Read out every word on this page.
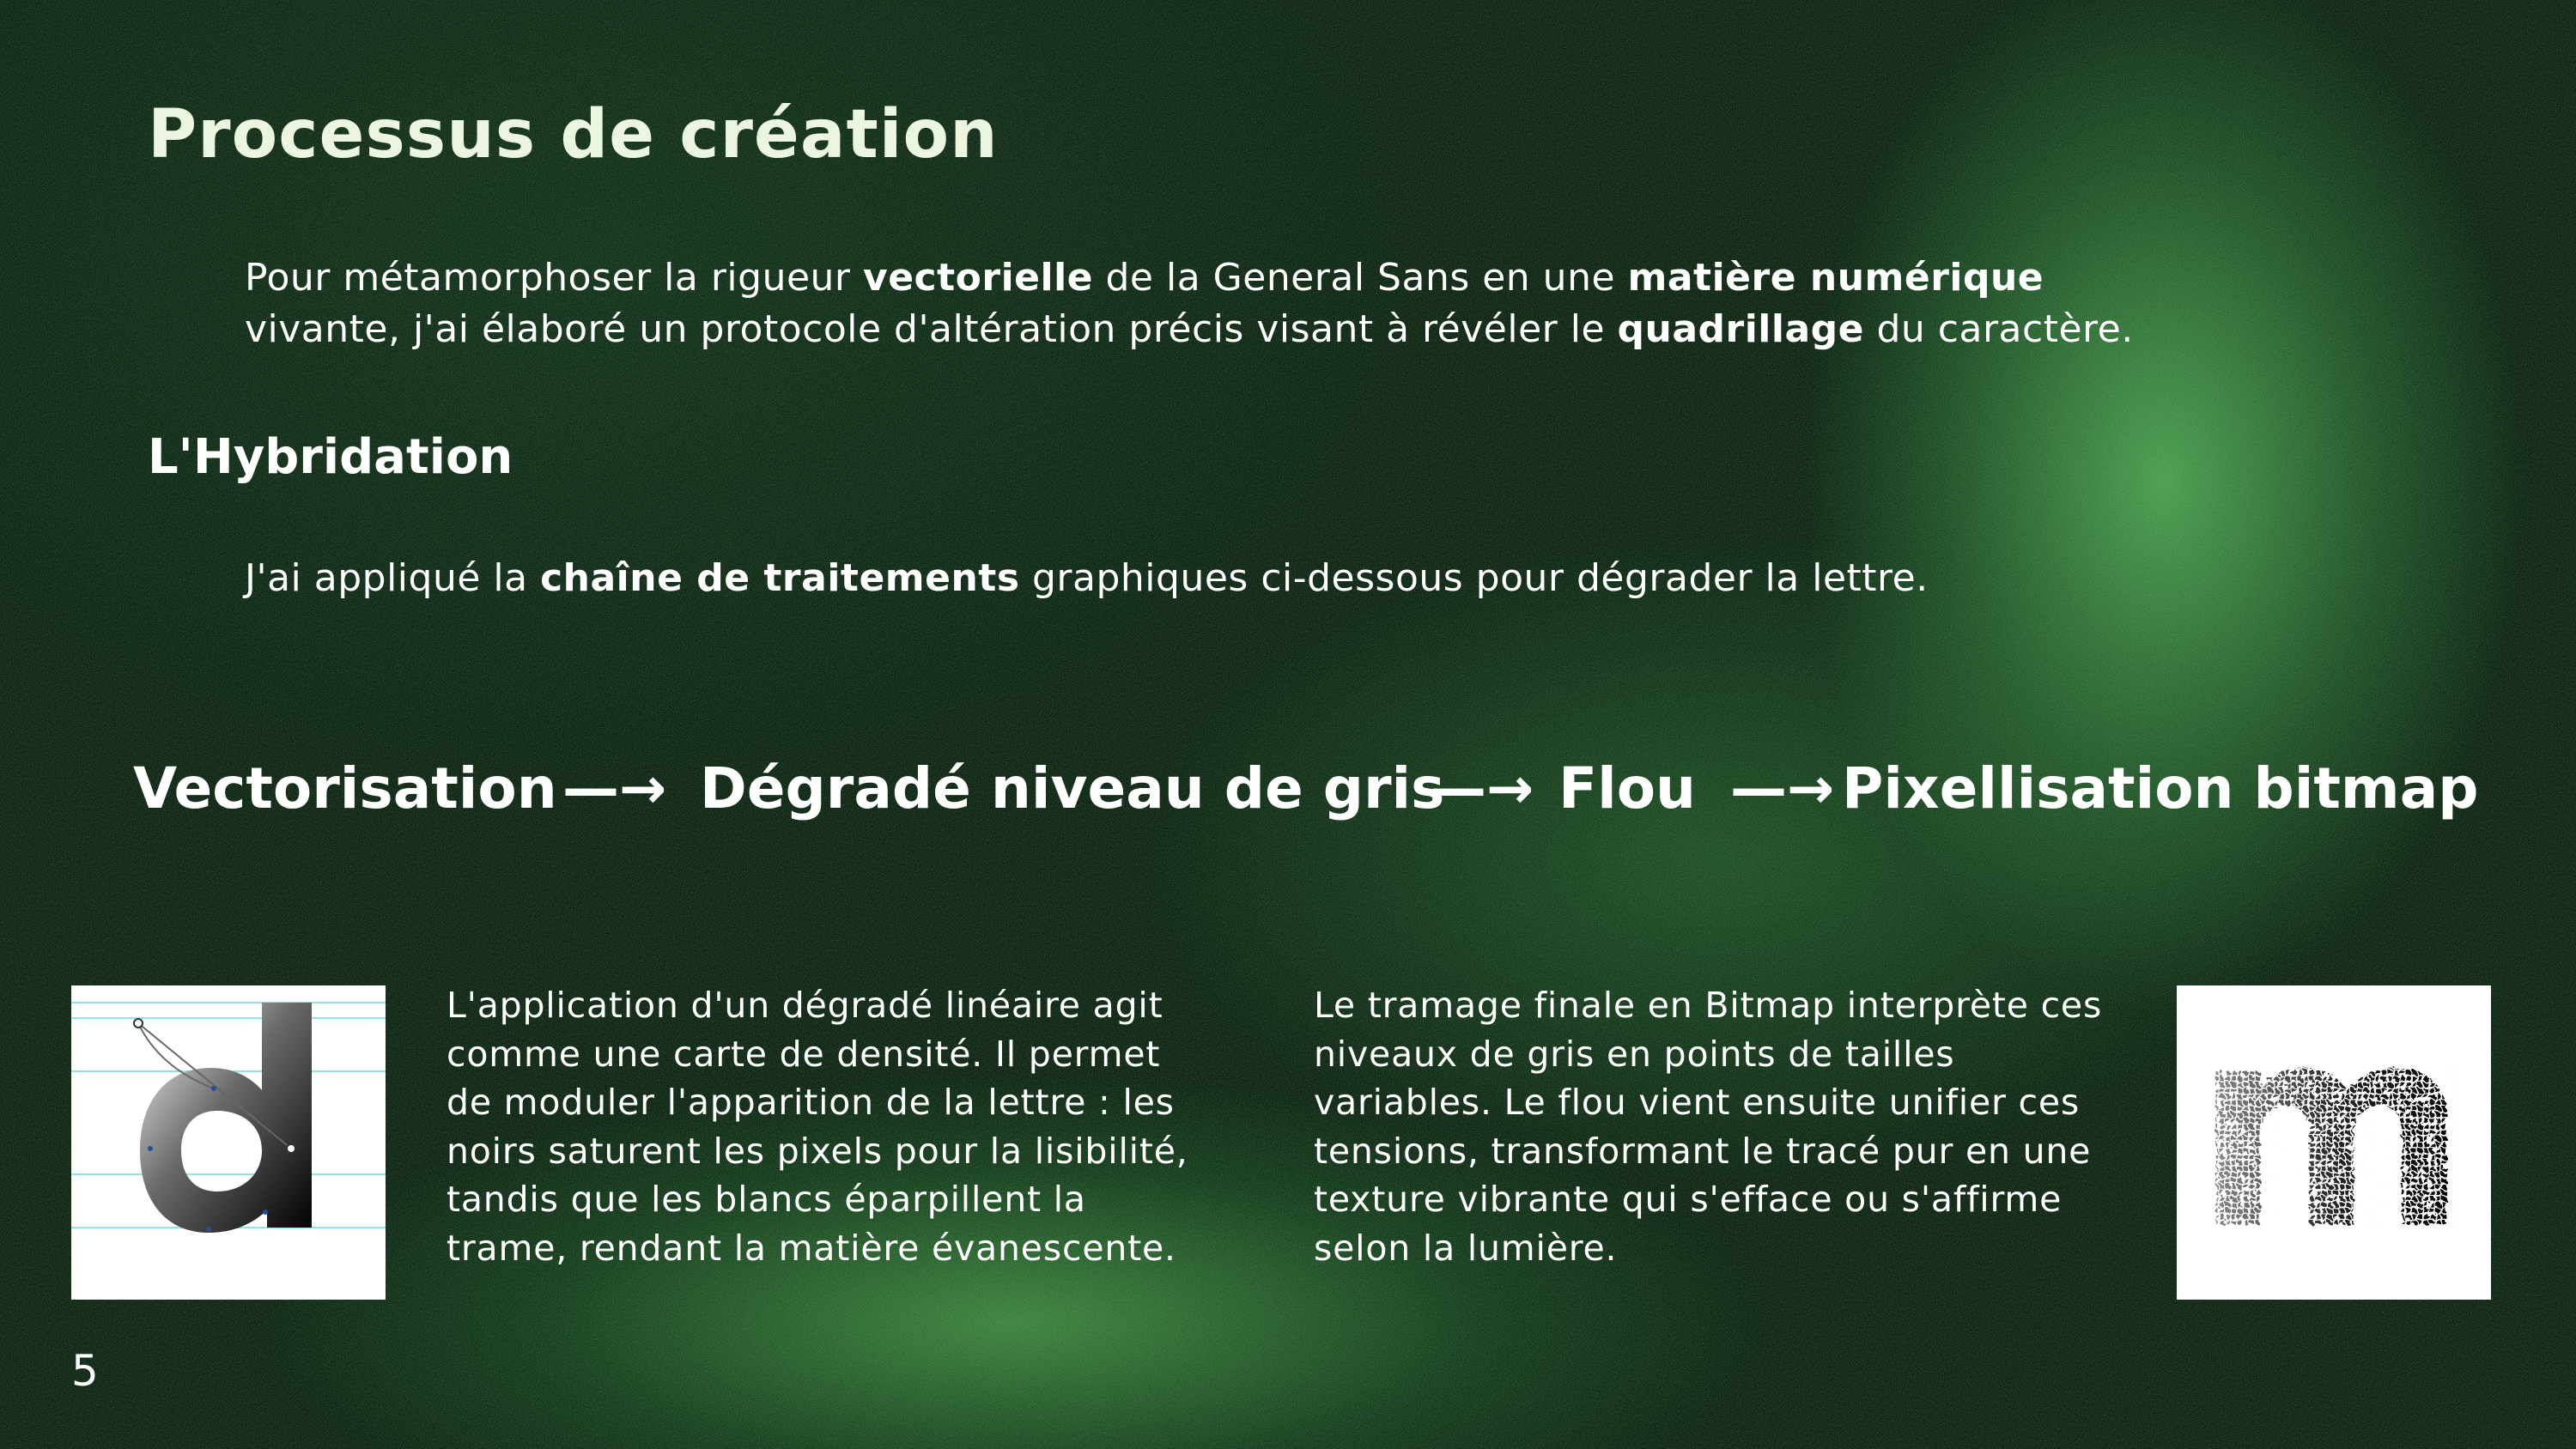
Processus de création
Pour métamorphoser la rigueur vectorielle de la General Sans en une matière numérique
vivante, j'ai élaboré un protocole d'altération précis visant à révéler le quadrillage du caractère.
L'Hybridation
J'ai appliqué la chaîne de traitements graphiques ci-dessous pour dégrader la lettre.
Vectorisation —→ Dégradé niveau de gris
—→ Flou —→ Pixellisation bitmap
L'application d'un dégradé linéaire agit
comme une carte de densité. Il permet
de moduler l'apparition de la lettre : les
noirs saturent les pixels pour la lisibilité,
tandis que les blancs éparpillent la
trame, rendant la matière évanescente.
Le tramage finale en Bitmap interprète ces
niveaux de gris en points de tailles
variables. Le flou vient ensuite unifier ces
tensions, transformant le tracé pur en une
texture vibrante qui s'efface ou s'affirme
selon la lumière.
5
